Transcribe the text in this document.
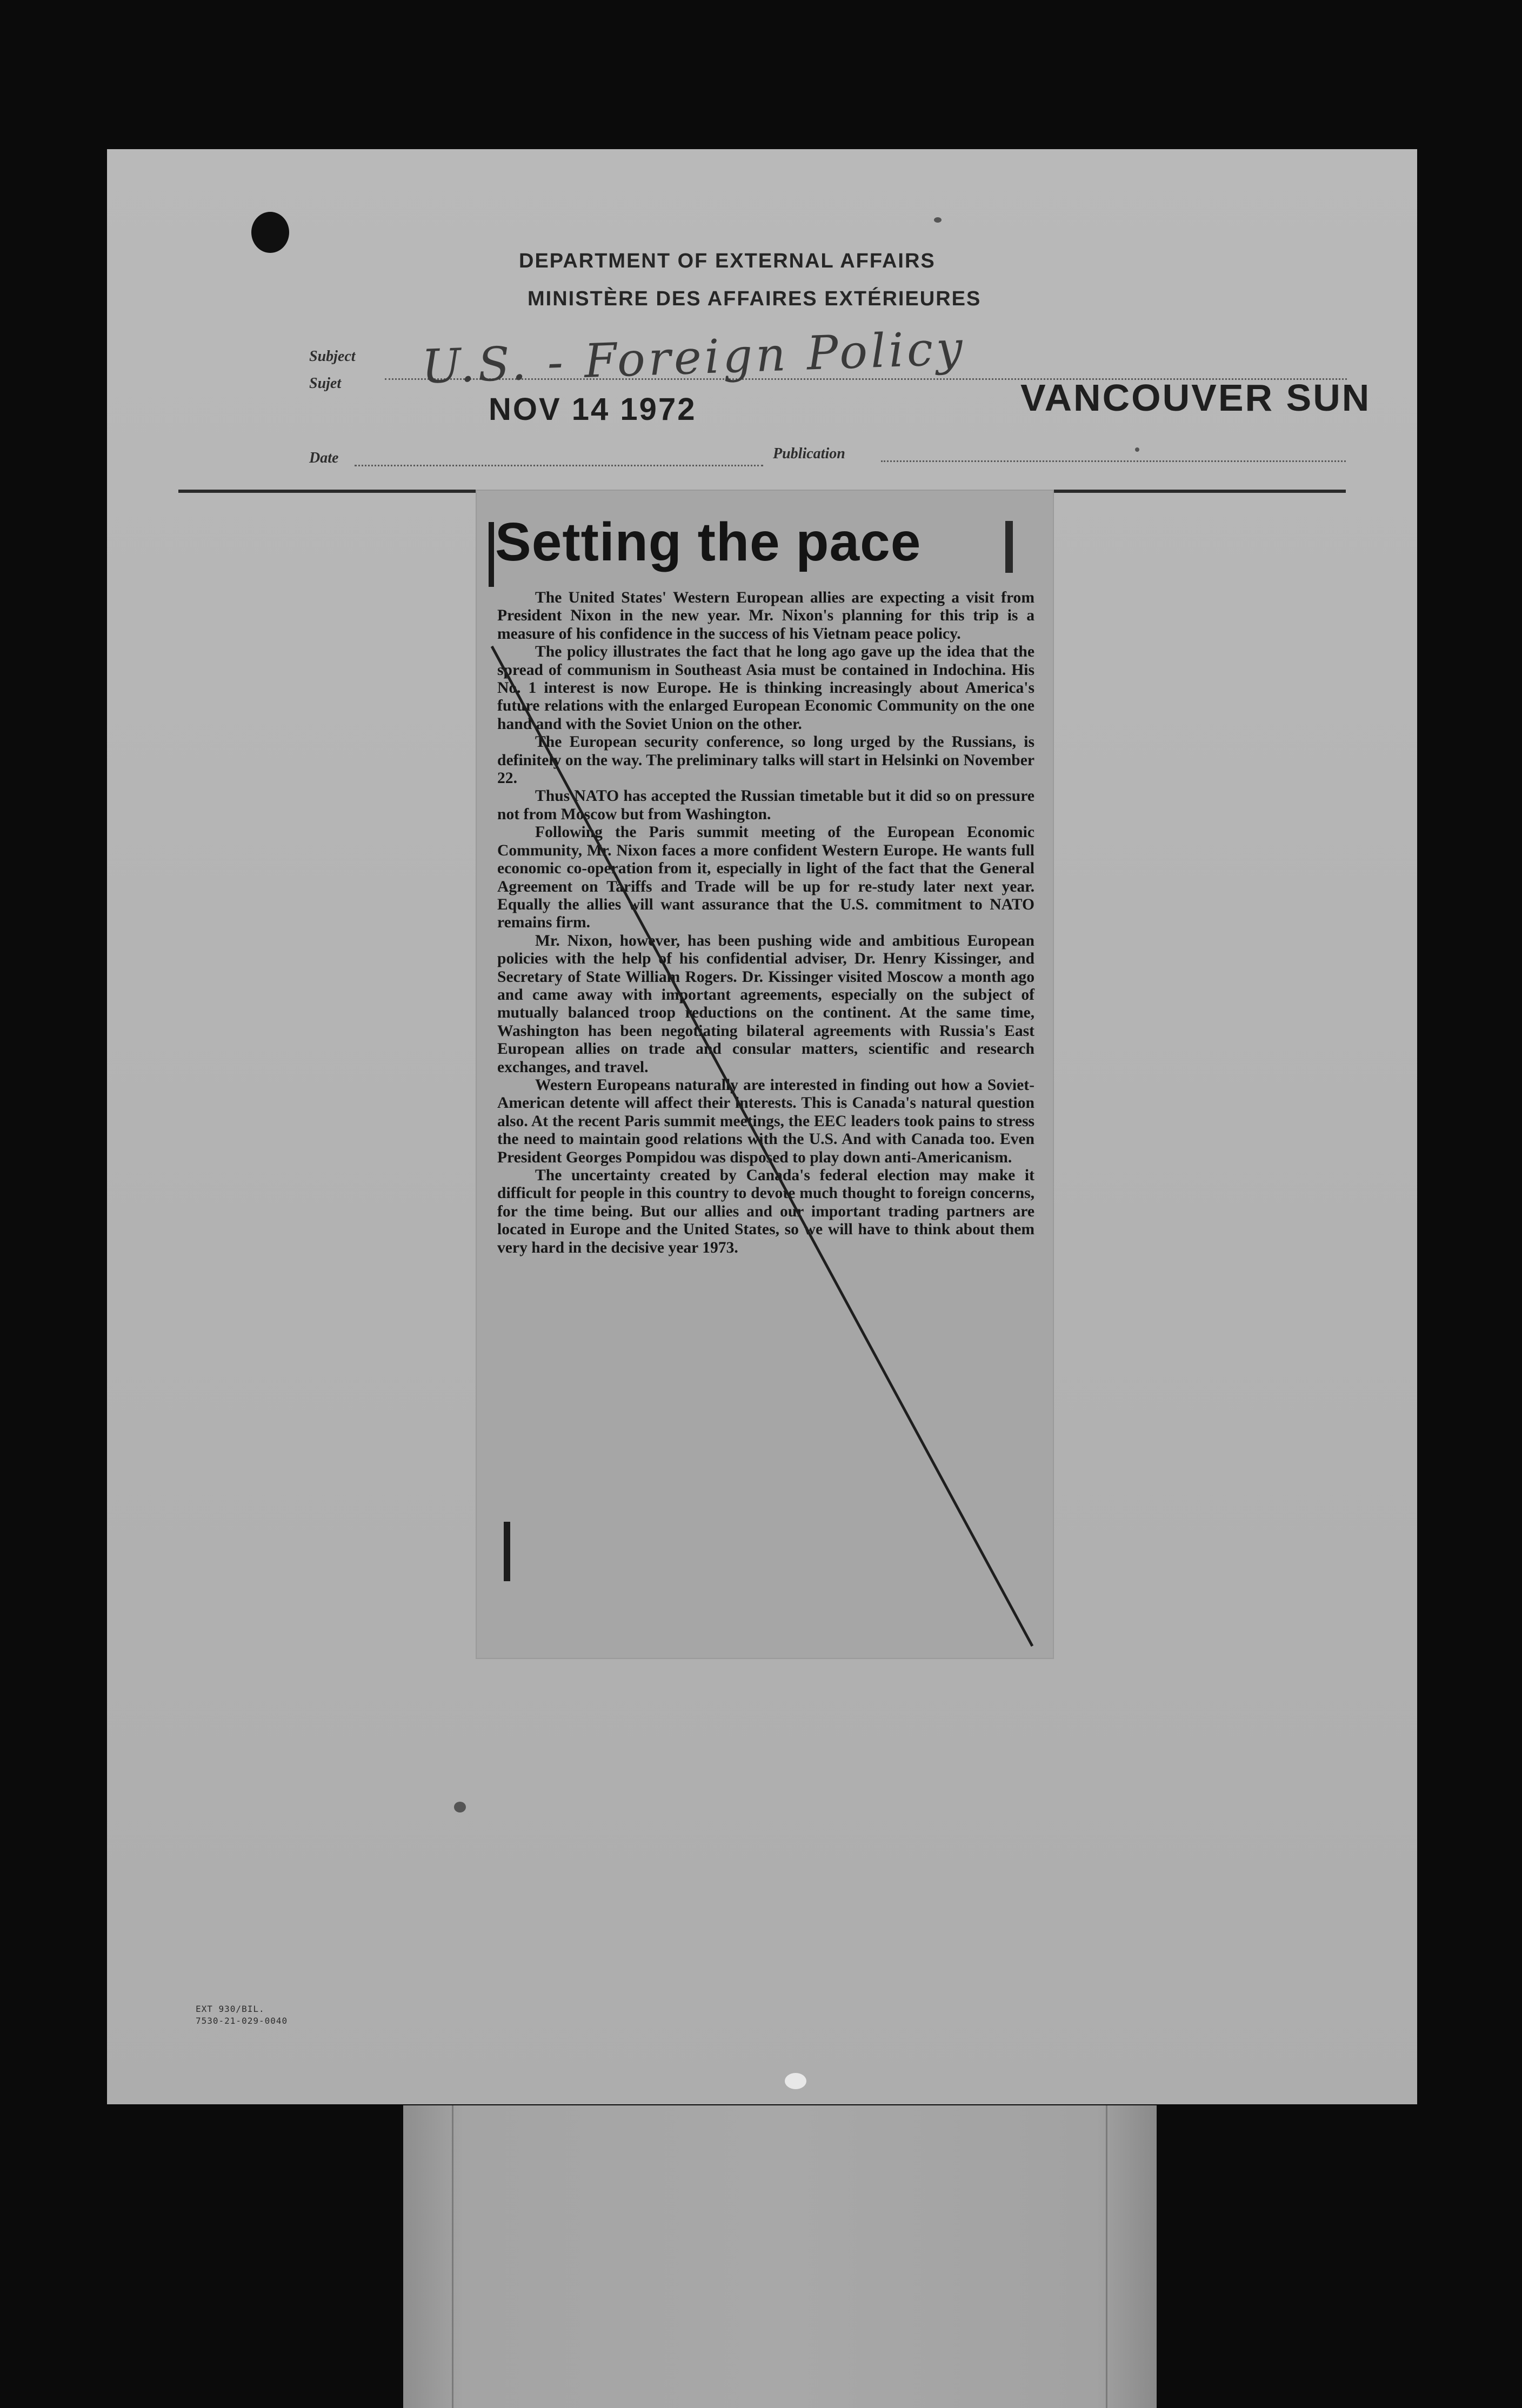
DEPARTMENT OF EXTERNAL AFFAIRS
MINISTÈRE DES AFFAIRES EXTÉRIEURES
Subject
Sujet U.S. - Foreign Policy
NOV 14 1972	VANCOUVER SUN
Date	Publication
Setting the pace

The United States' Western European allies are expecting a visit from President Nixon in the new year. Mr. Nixon's planning for this trip is a measure of his confidence in the success of his Vietnam peace policy.

The policy illustrates the fact that he long ago gave up the idea that the spread of communism in Southeast Asia must be contained in Indochina. His No. 1 interest is now Europe. He is thinking increasingly about America's future relations with the enlarged European Economic Community on the one hand and with the Soviet Union on the other.

The European security conference, so long urged by the Russians, is definitely on the way. The preliminary talks will start in Helsinki on November 22.

Thus NATO has accepted the Russian timetable but it did so on pressure not from Moscow but from Washington.

Following the Paris summit meeting of the European Economic Community, Mr. Nixon faces a more confident Western Europe. He wants full economic co-operation from it, especially in light of the fact that the General Agreement on Tariffs and Trade will be up for re-study later next year. Equally the allies will want assurance that the U.S. commitment to NATO remains firm.

Mr. Nixon, however, has been pushing wide and ambitious European policies with the help of his confidential adviser, Dr. Henry Kissinger, and Secretary of State William Rogers. Dr. Kissinger visited Moscow a month ago and came away with important agreements, especially on the subject of mutually balanced troop reductions on the continent. At the same time, Washington has been negotiating bilateral agreements with Russia's East European allies on trade and consular matters, scientific and research exchanges, and travel.

Western Europeans naturally are interested in finding out how a Soviet-American detente will affect their interests. This is Canada's natural question also. At the recent Paris summit meetings, the EEC leaders took pains to stress the need to maintain good relations with the U.S. And with Canada too. Even President Georges Pompidou was disposed to play down anti-Americanism.

The uncertainty created by Canada's federal election may make it difficult for people in this country to devote much thought to foreign concerns, for the time being. But our allies and our important trading partners are located in Europe and the United States, so we will have to think about them very hard in the decisive year 1973.

EXT 930/BIL.
7530-21-029-0040
